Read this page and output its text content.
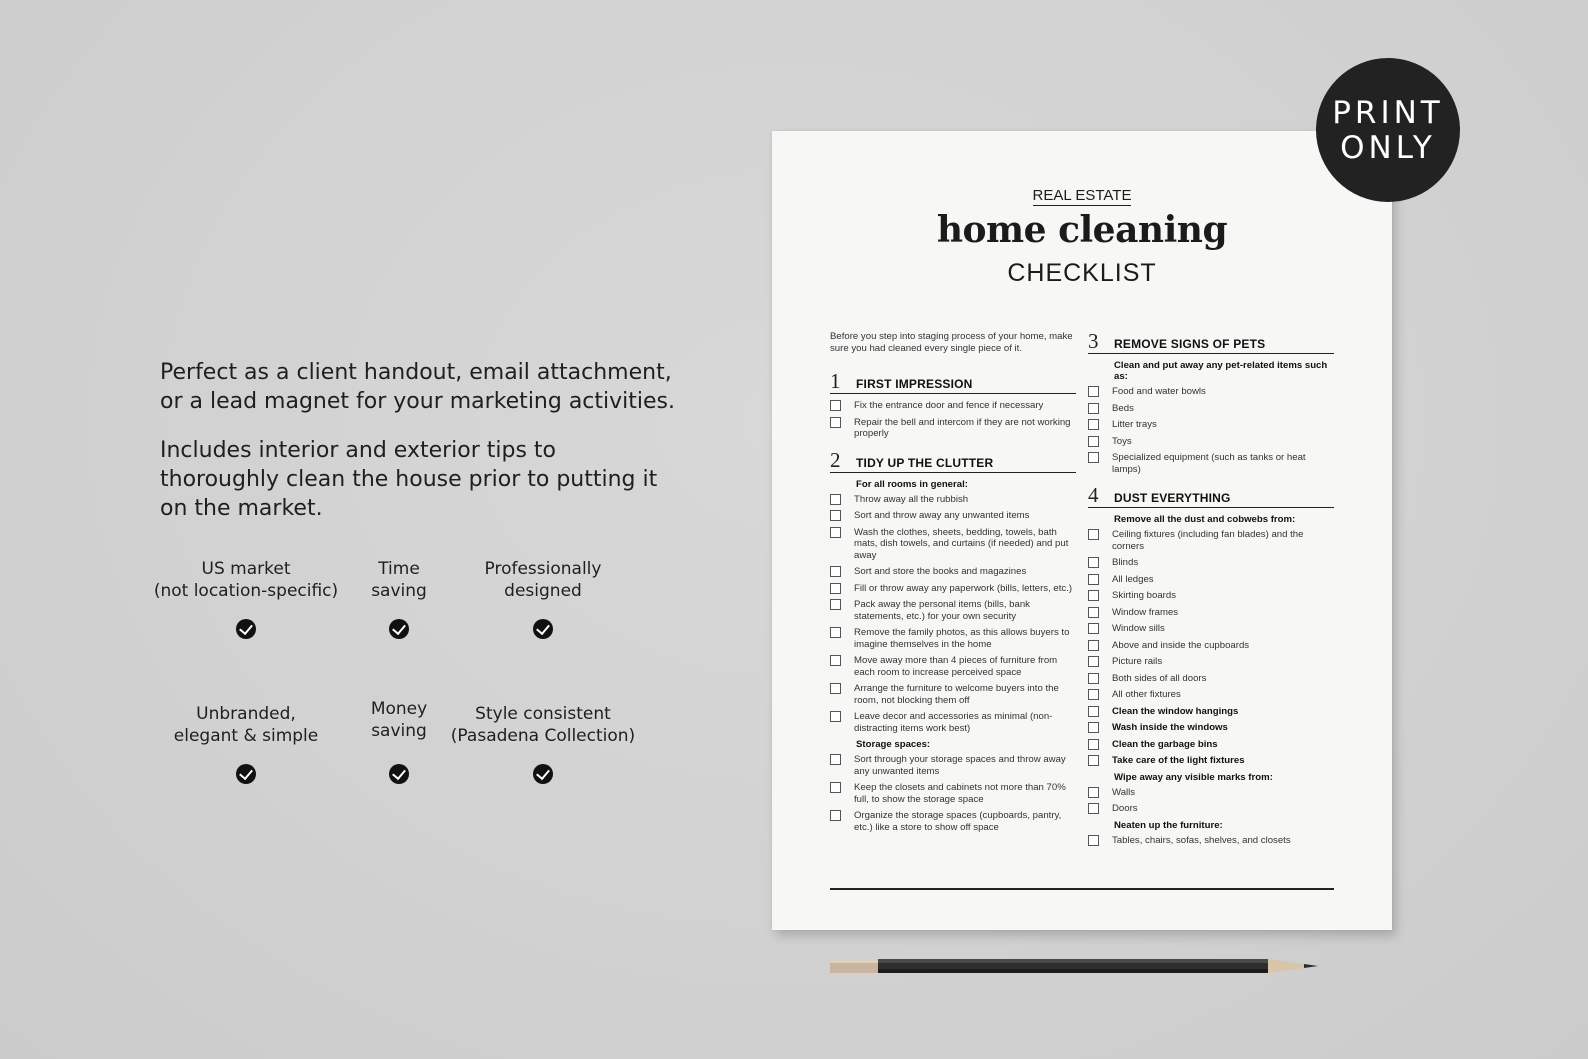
Perfect as a client handout, email attachment, or a lead magnet for your marketing activities.

Includes interior and exterior tips to thoroughly clean the house prior to putting it on the market.

US market
(not location-specific)
Time
saving
Professionally
designed
Unbranded,
elegant & simple
Money
saving
Style consistent
(Pasadena Collection)
REAL ESTATE
home cleaning
CHECKLIST
Before you step into staging process of your home, make sure you had cleaned every single piece of it.
1	FIRST IMPRESSION
Fix the entrance door and fence if necessary
Repair the bell and intercom if they are not working properly
2	TIDY UP THE CLUTTER
For all rooms in general:
Throw away all the rubbish
Sort and throw away any unwanted items
Wash the clothes, sheets, bedding, towels, bath mats, dish towels, and curtains (if needed) and put away
Sort and store the books and magazines
Fill or throw away any paperwork (bills, letters, etc.)
Pack away the personal items (bills, bank statements, etc.) for your own security
Remove the family photos, as this allows buyers to imagine themselves in the home
Move away more than 4 pieces of furniture from each room to increase perceived space
Arrange the furniture to welcome buyers into the room, not blocking them off
Leave decor and accessories as minimal (non-distracting items work best)
Storage spaces:
Sort through your storage spaces and throw away any unwanted items
Keep the closets and cabinets not more than 70% full, to show the storage space
Organize the storage spaces (cupboards, pantry, etc.) like a store to show off space
3	REMOVE SIGNS OF PETS
Clean and put away any pet-related items such as:
Food and water bowls
Beds
Litter trays
Toys
Specialized equipment (such as tanks or heat lamps)
4	DUST EVERYTHING
Remove all the dust and cobwebs from:
Ceiling fixtures (including fan blades) and the corners
Blinds
All ledges
Skirting boards
Window frames
Window sills
Above and inside the cupboards
Picture rails
Both sides of all doors
All other fixtures
Clean the window hangings
Wash inside the windows
Clean the garbage bins
Take care of the light fixtures
Wipe away any visible marks from:
Walls
Doors
Neaten up the furniture:
Tables, chairs, sofas, shelves, and closets
PRINT
ONLY
